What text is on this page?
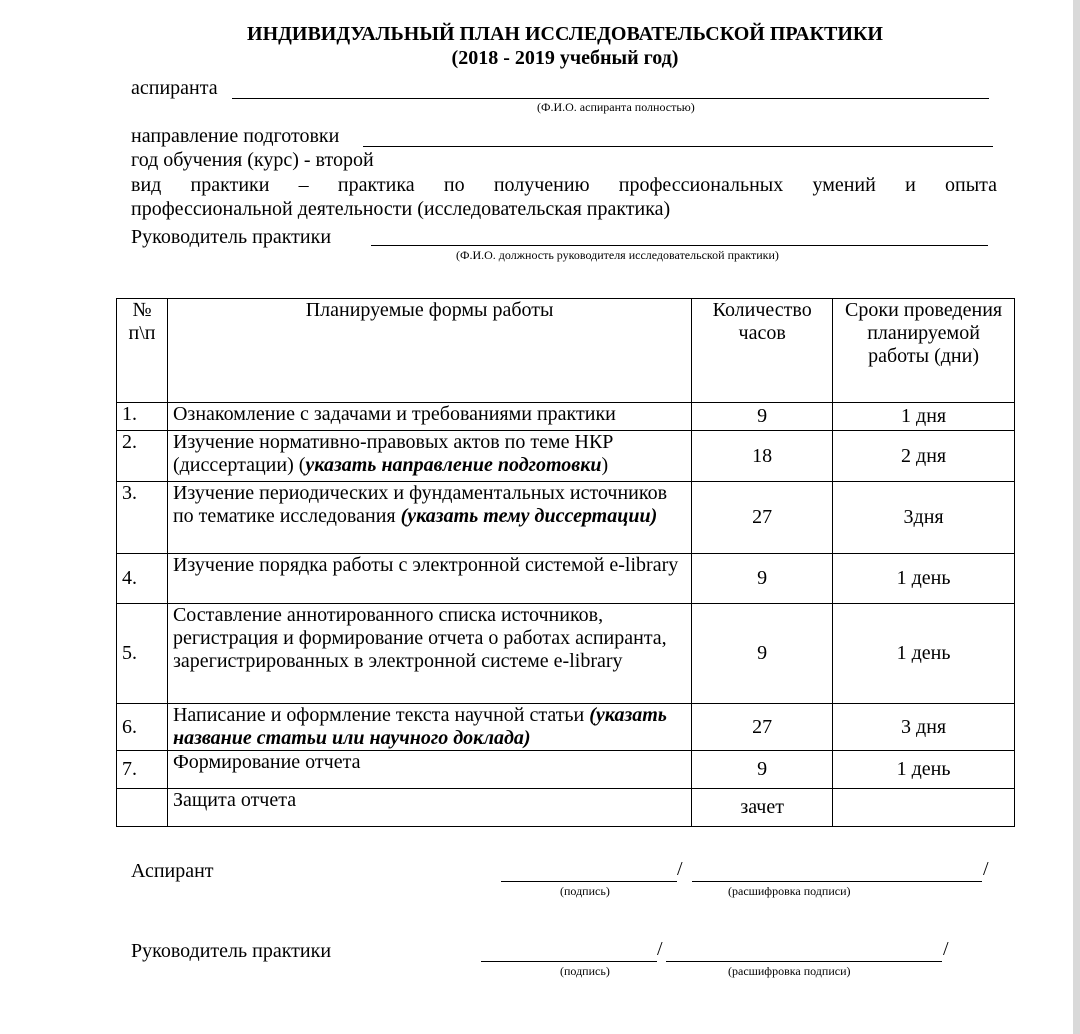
ИНДИВИДУАЛЬНЫЙ ПЛАН ИССЛЕДОВАТЕЛЬСКОЙ ПРАКТИКИ
(2018 - 2019 учебный год)
аспиранта
(Ф.И.О. аспиранта полностью)
направление подготовки
год обучения (курс) - второй
вид практики – практика по получению профессиональных умений и опыта
профессиональной деятельности (исследовательская практика)
Руководитель практики
(Ф.И.О. должность руководителя исследовательской практики)
№ п\п	Планируемые формы работы	Количество часов	Сроки проведения планируемой работы (дни)
1.	Ознакомление с задачами и требованиями практики	9	1 дня
2.	Изучение нормативно-правовых актов по теме НКР (диссертации) (указать направление подготовки)	18	2 дня
3.	Изучение периодических и фундаментальных источников по тематике исследования (указать тему диссертации)	27	3дня
4.	Изучение порядка работы с электронной системой e-library	9	1 день
5.	Составление аннотированного списка источников, регистрация и формирование отчета о работах аспиранта, зарегистрированных в электронной системе e-library	9	1 день
6.	Написание и оформление текста научной статьи (указать название статьи или научного доклада)	27	3 дня
7.	Формирование отчета	9	1 день
	Защита отчета	зачет	
Аспирант	/	/
(подпись)	(расшифровка подписи)
Руководитель практики	/	/
(подпись)	(расшифровка подписи)
